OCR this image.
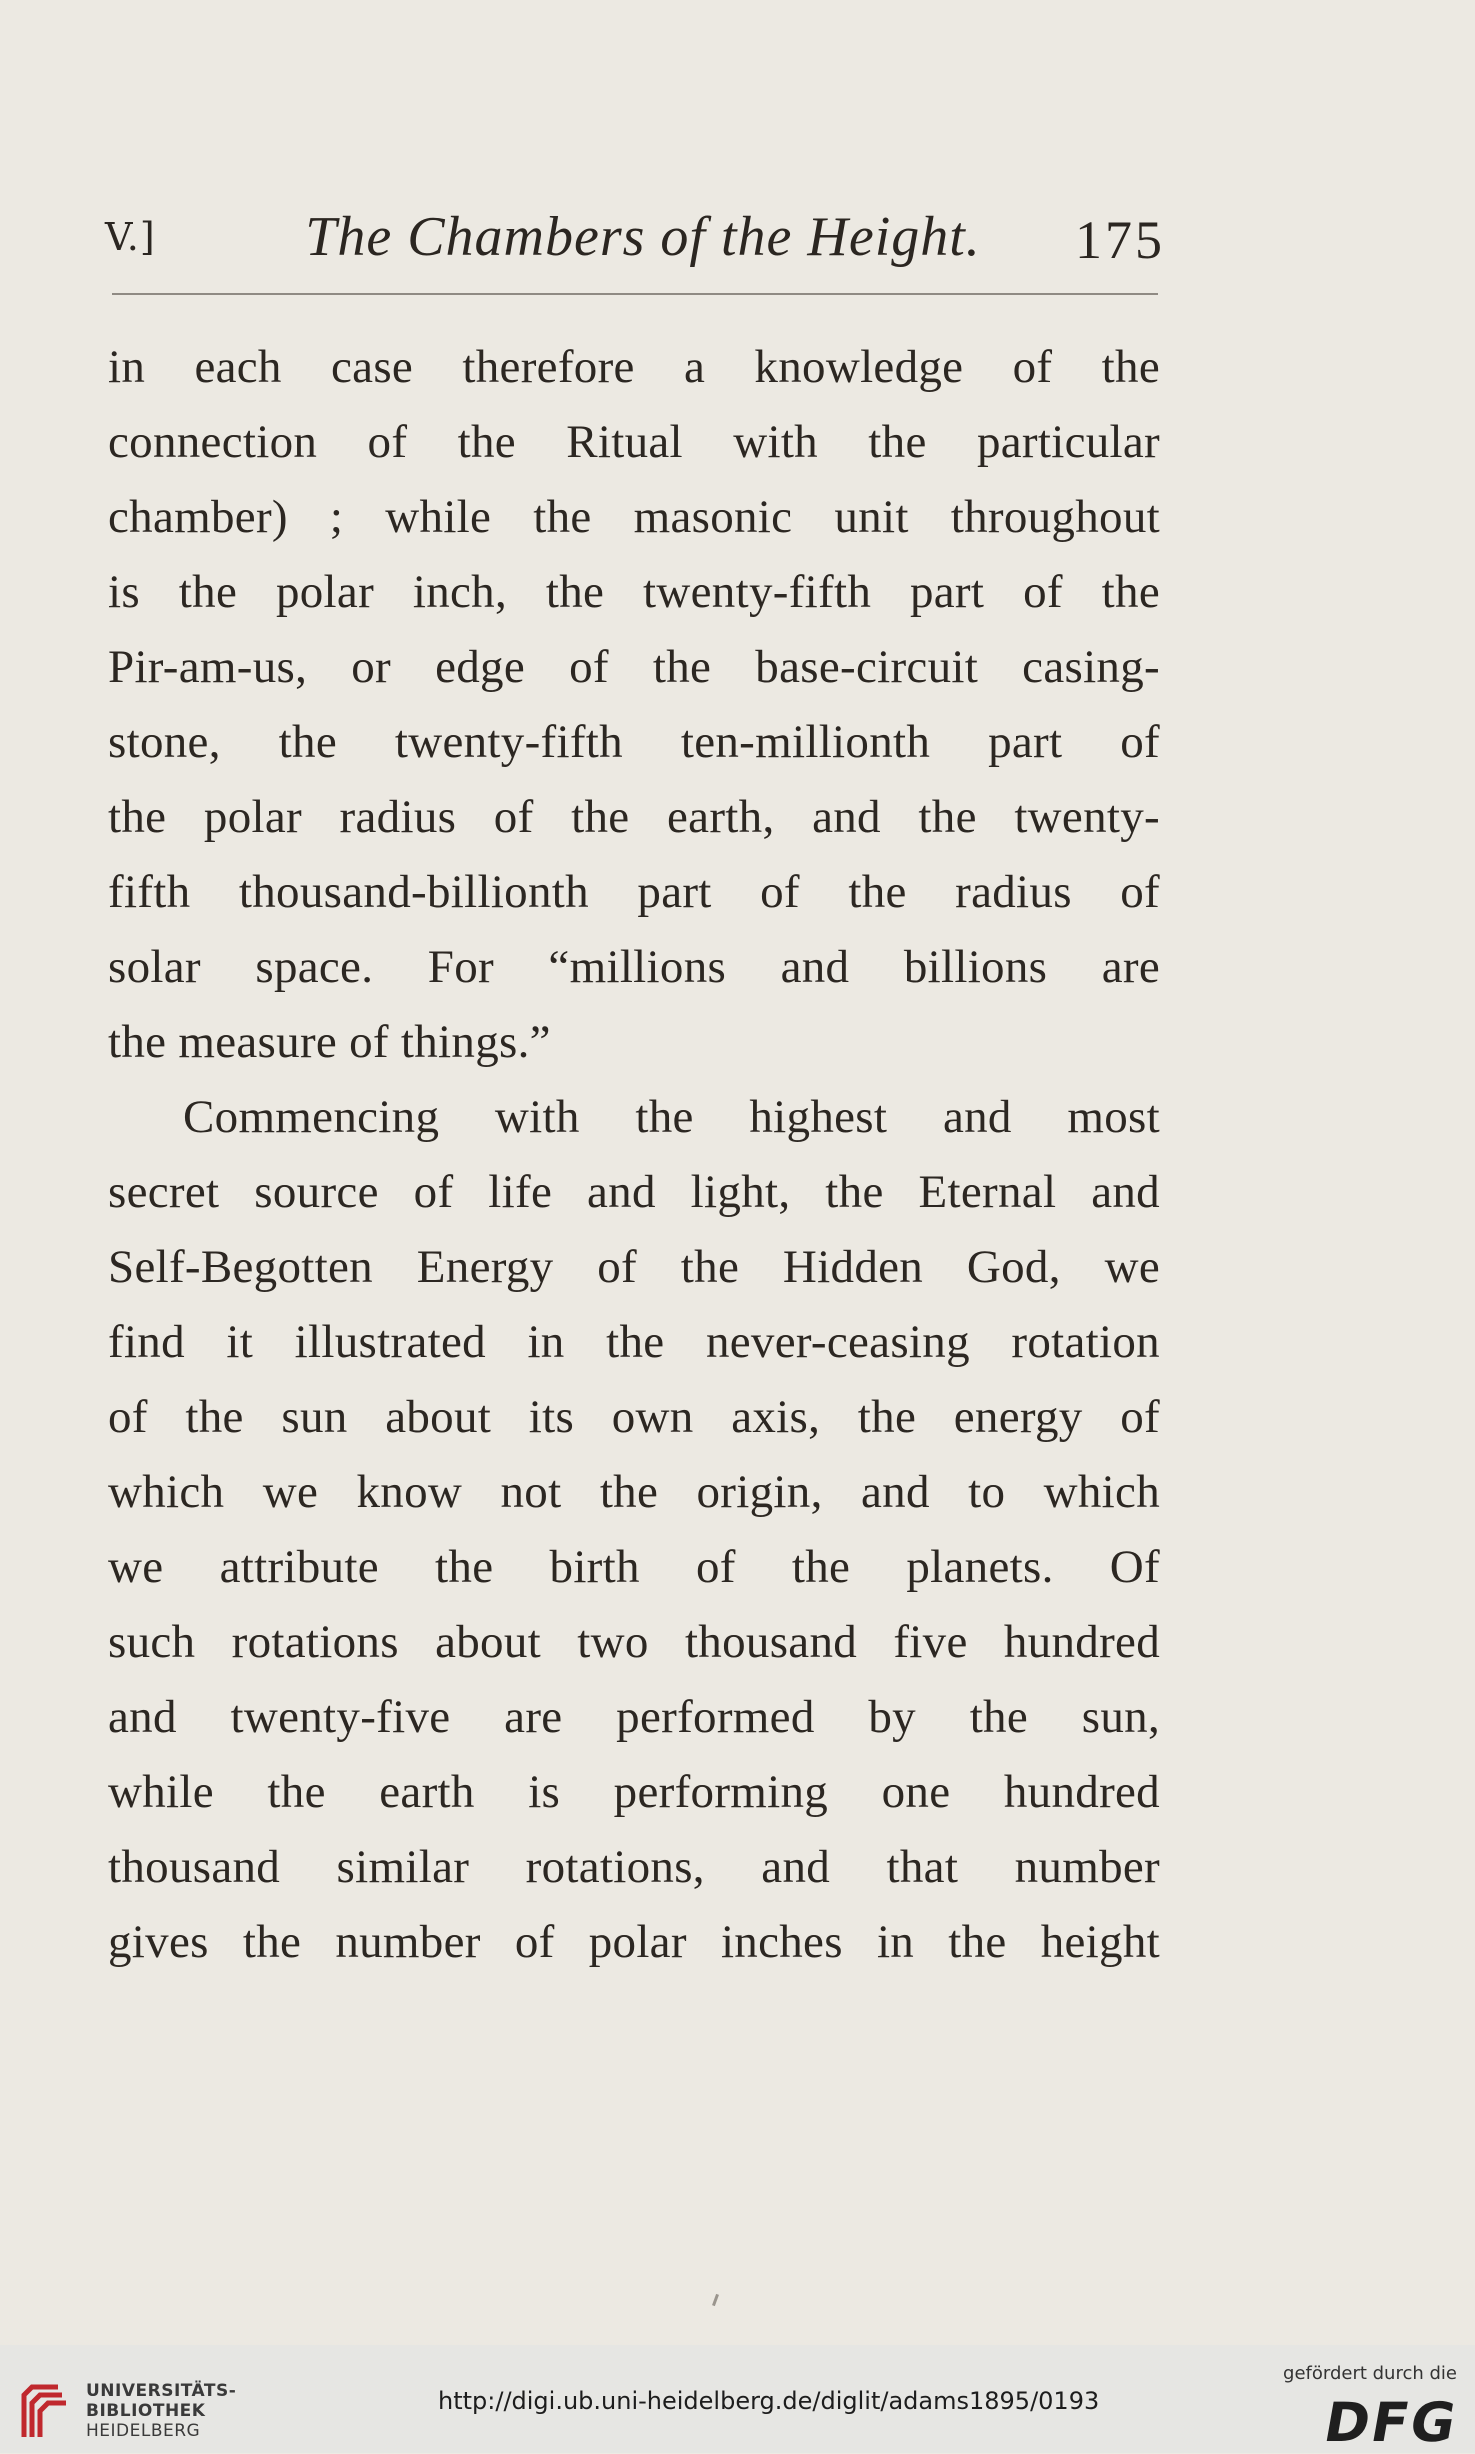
V.]	The Chambers of the Height.	175
in each case therefore a knowledge of the
connection of the Ritual with the particular
chamber) ; while the masonic unit throughout
is the polar inch, the twenty-fifth part of the
Pir-am-us, or edge of the base-circuit casing-
stone, the twenty-fifth ten-millionth part of
the polar radius of the earth, and the twenty-
fifth thousand-billionth part of the radius of
solar space. For “millions and billions are
the measure of things.”
Commencing with the highest and most
secret source of life and light, the Eternal and
Self-Begotten Energy of the Hidden God, we
find it illustrated in the never-ceasing rotation
of the sun about its own axis, the energy of
which we know not the origin, and to which
we attribute the birth of the planets. Of
such rotations about two thousand five hundred
and twenty-five are performed by the sun,
while the earth is performing one hundred
thousand similar rotations, and that number
gives the number of polar inches in the height
UNIVERSITÄTS-
BIBLIOTHEK
HEIDELBERG
http://digi.ub.uni-heidelberg.de/diglit/adams1895/0193
gefördert durch die
DFG
